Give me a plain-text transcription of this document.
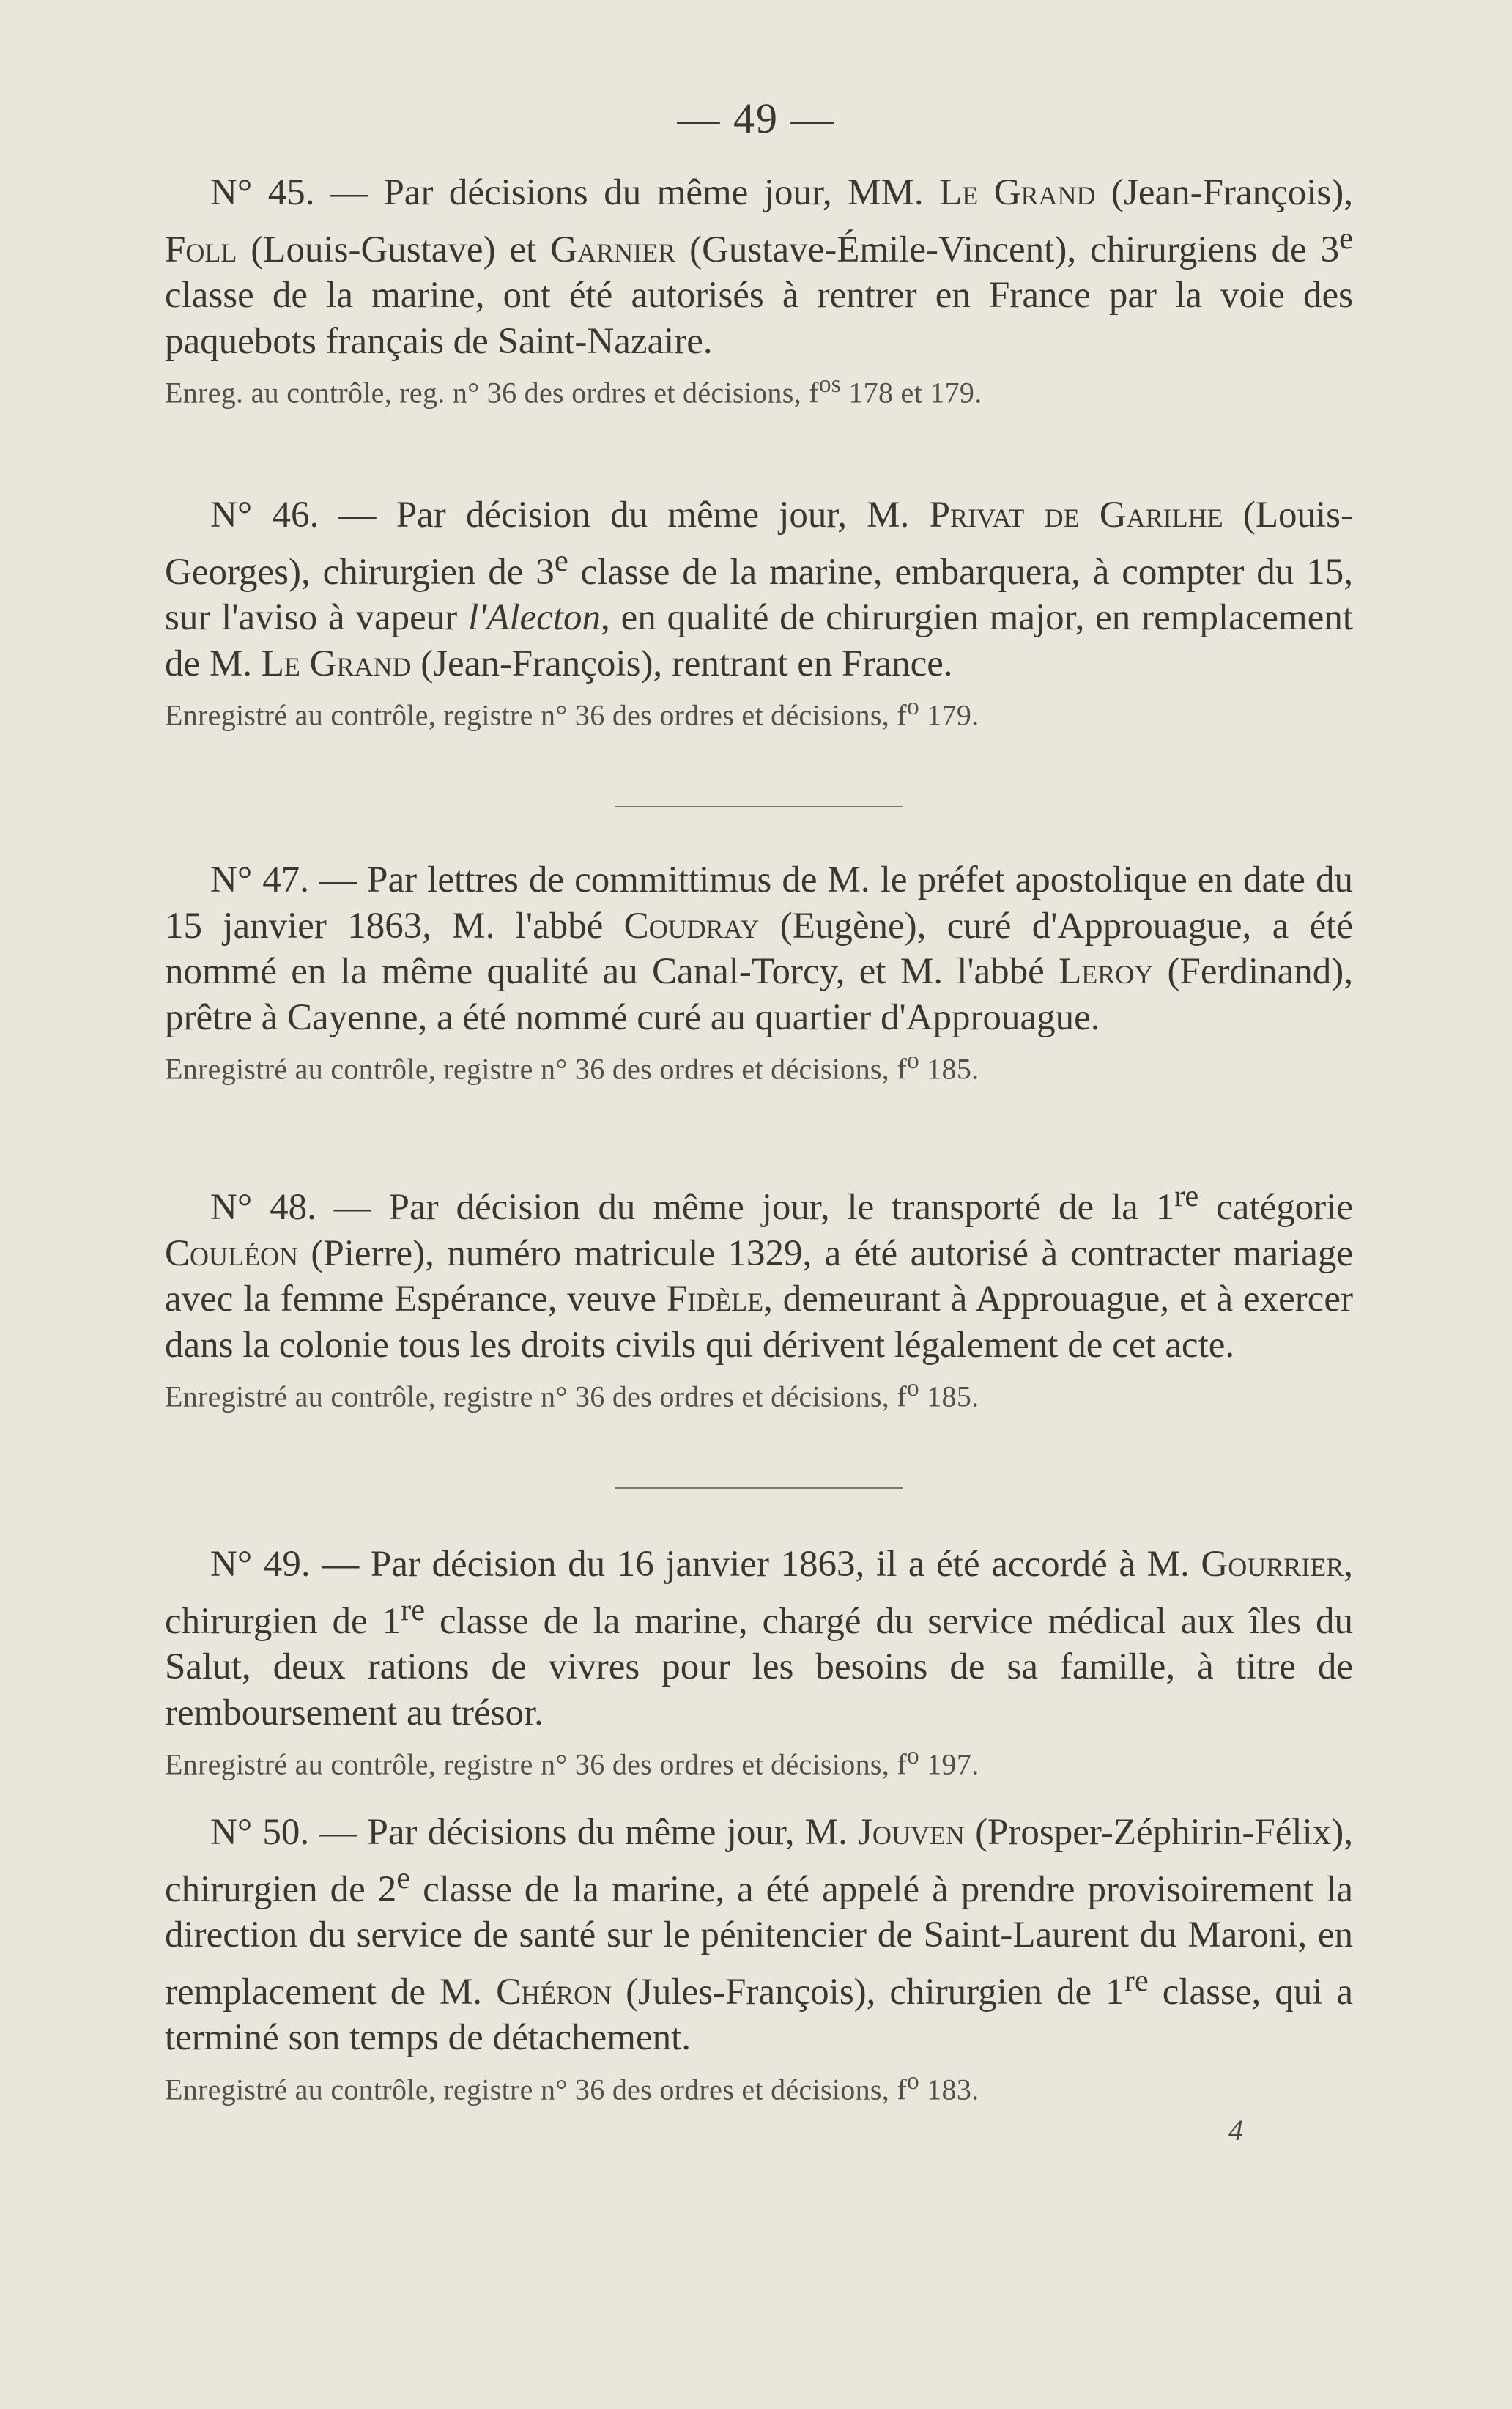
— 49 —

N° 45. — Par décisions du même jour, MM. Le Grand (Jean-François), Foll (Louis-Gustave) et Garnier (Gustave-Émile-Vincent), chirurgiens de 3e classe de la marine, ont été autorisés à rentrer en France par la voie des paquebots français de Saint-Nazaire.

Enreg. au contrôle, reg. n° 36 des ordres et décisions, $f^{os}$ 178 et 179.

N° 46. — Par décision du même jour, M. Privat de Garilhe (Louis-Georges), chirurgien de 3e classe de la marine, embarquera, à compter du 15, sur l'aviso à vapeur l'Alecton, en qualité de chirurgien major, en remplacement de M. Le Grand (Jean-François), rentrant en France.

Enregistré au contrôle, registre n° 36 des ordres et décisions, $f^o$ 179.

N° 47. — Par lettres de committimus de M. le préfet apostolique en date du 15 janvier 1863, M. l'abbé Coudray (Eugène), curé d'Approuague, a été nommé en la même qualité au Canal-Torcy, et M. l'abbé Leroy (Ferdinand), prêtre à Cayenne, a été nommé curé au quartier d'Approuague.

Enregistré au contrôle, registre n° 36 des ordres et décisions, $f^o$ 185.

N° 48. — Par décision du même jour, le transporté de la 1re catégorie Couléon (Pierre), numéro matricule 1329, a été autorisé à contracter mariage avec la femme Espérance, veuve Fidèle, demeurant à Approuague, et à exercer dans la colonie tous les droits civils qui dérivent légalement de cet acte.

Enregistré au contrôle, registre n° 36 des ordres et décisions, $f^o$ 185.

N° 49. — Par décision du 16 janvier 1863, il a été accordé à M. Gourrier, chirurgien de 1re classe de la marine, chargé du service médical aux îles du Salut, deux rations de vivres pour les besoins de sa famille, à titre de remboursement au trésor.

Enregistré au contrôle, registre n° 36 des ordres et décisions, $f^o$ 197.

N° 50. — Par décisions du même jour, M. Jouven (Prosper-Zéphirin-Félix), chirurgien de 2e classe de la marine, a été appelé à prendre provisoirement la direction du service de santé sur le pénitencier de Saint-Laurent du Maroni, en remplacement de M. Chéron (Jules-François), chirurgien de 1re classe, qui a terminé son temps de détachement.

Enregistré au contrôle, registre n° 36 des ordres et décisions, $f^o$ 183.

4
